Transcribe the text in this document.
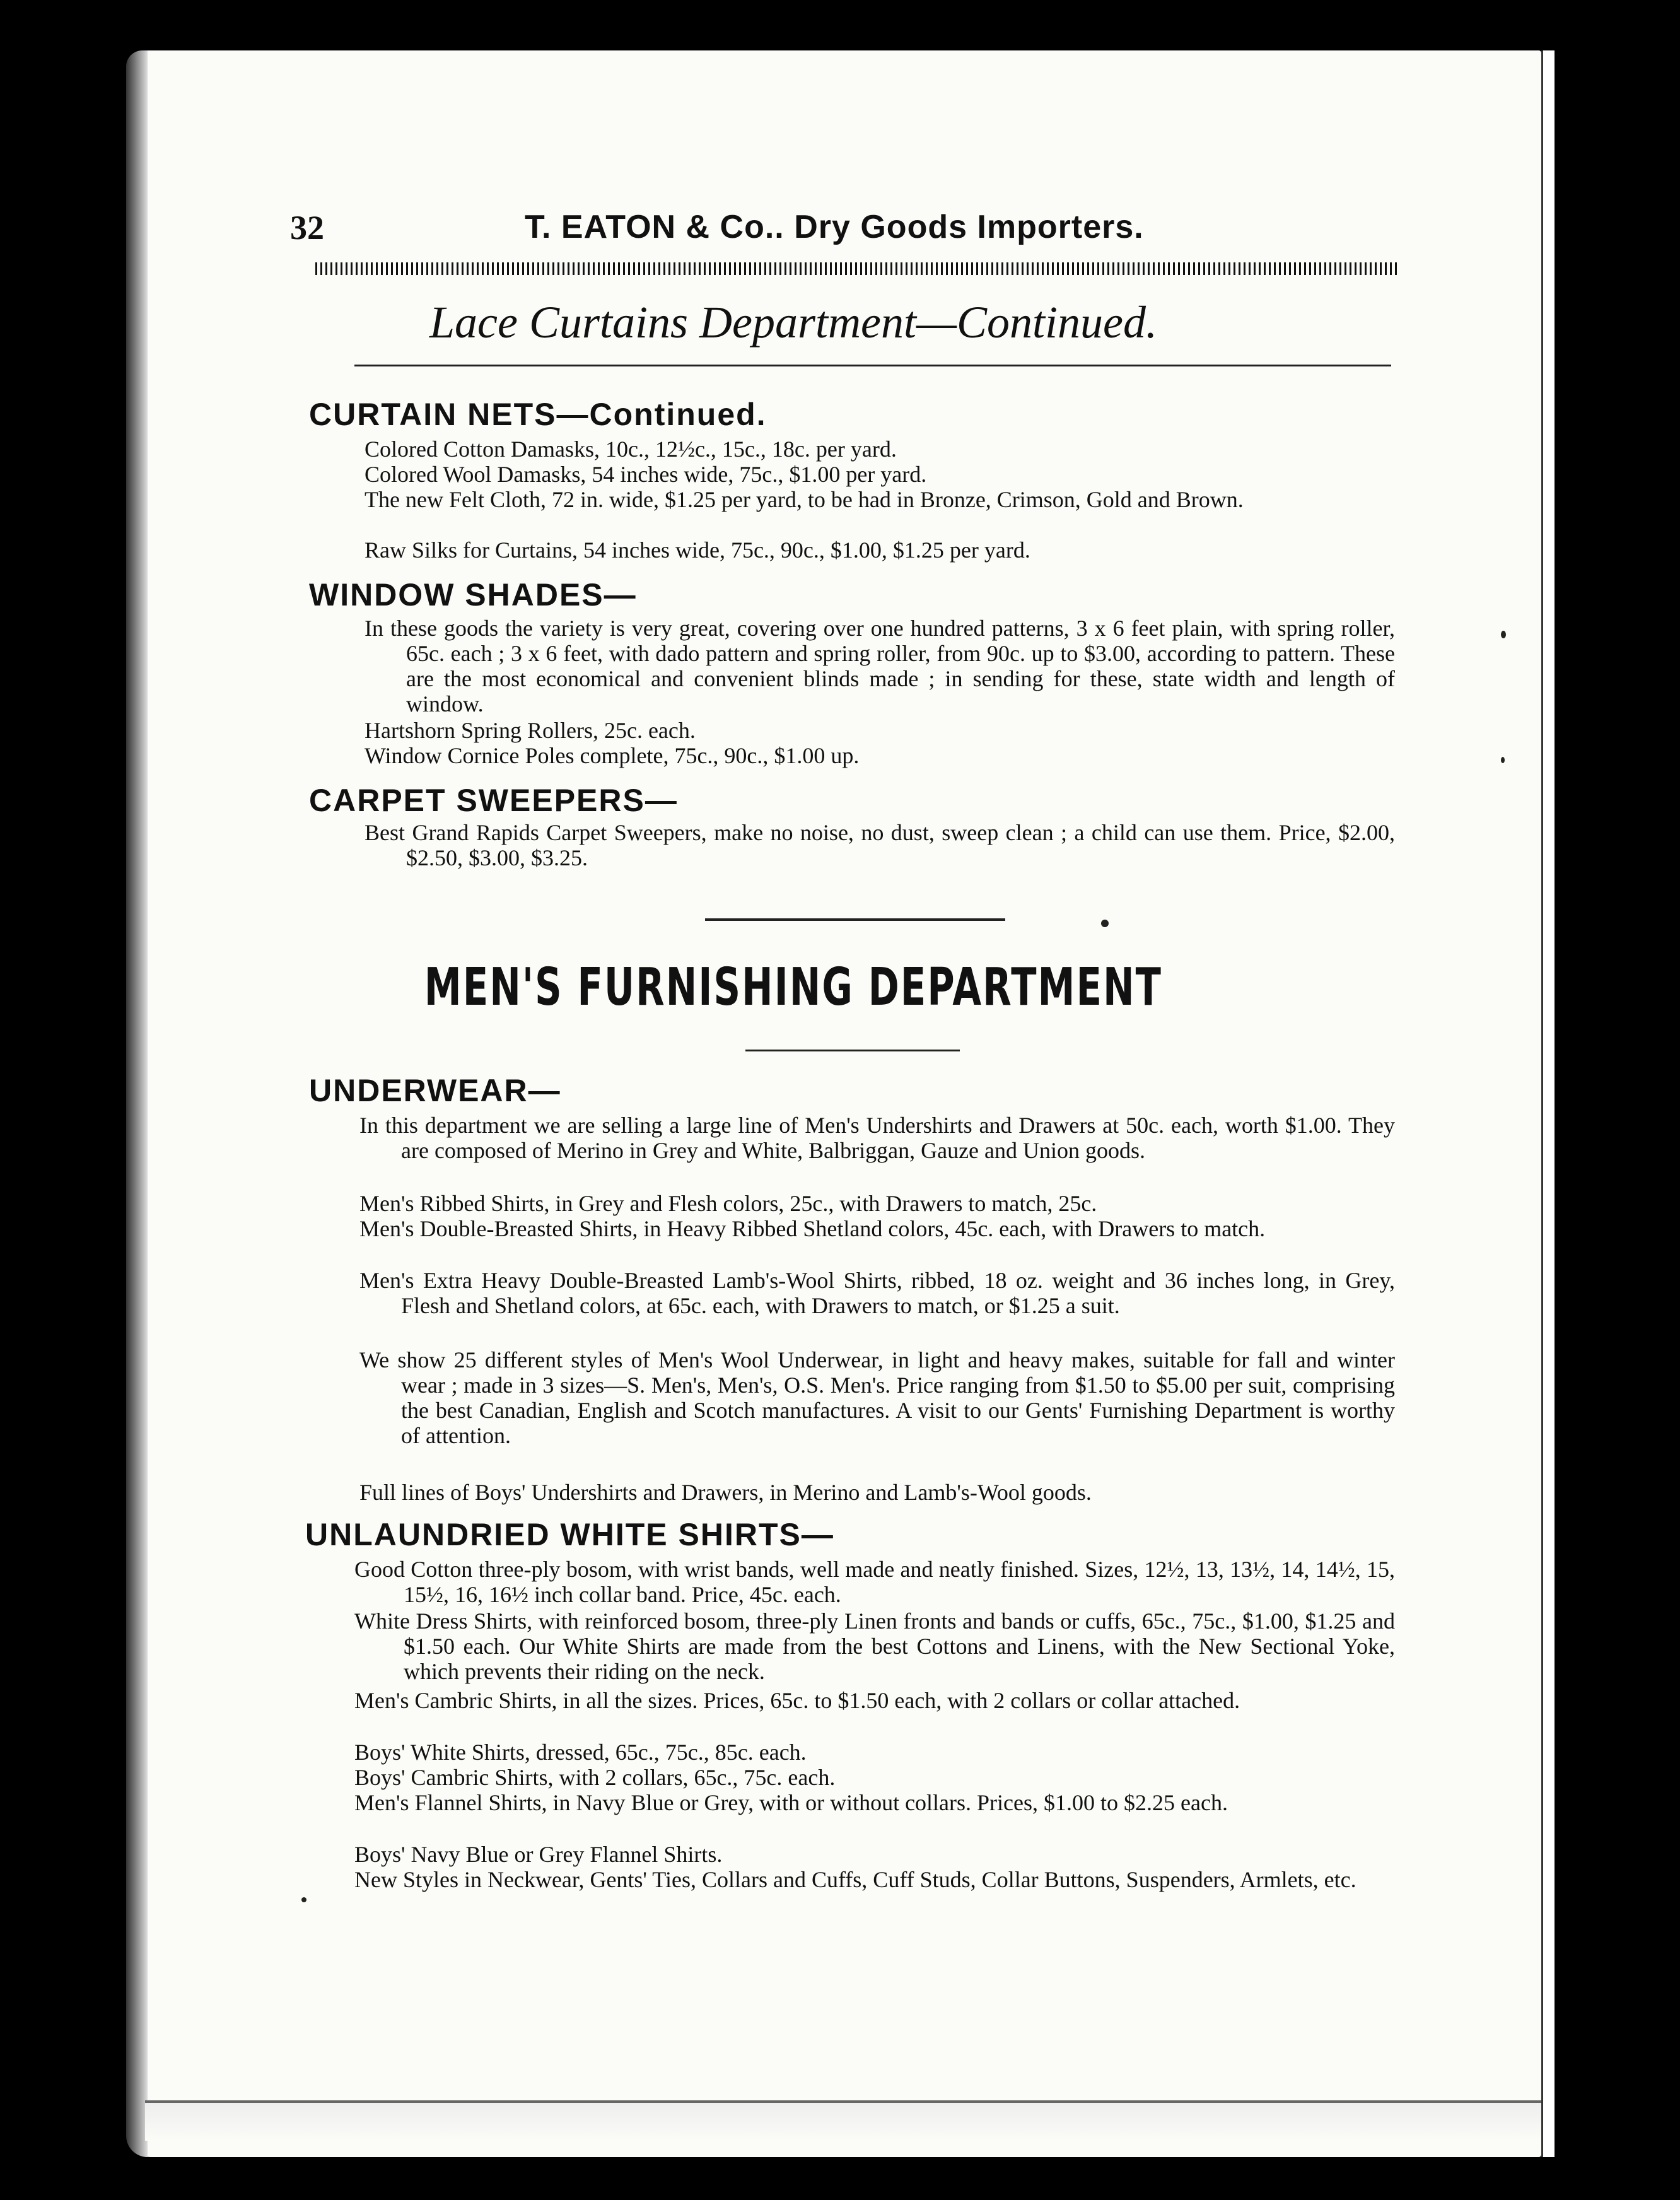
32	T. EATON & Co.. Dry Goods Importers.
Lace Curtains Department—Continued.
CURTAIN NETS—Continued.
Colored Cotton Damasks, 10c., 12½c., 15c., 18c. per yard.
Colored Wool Damasks, 54 inches wide, 75c., $1.00 per yard.
The new Felt Cloth, 72 in. wide, $1.25 per yard, to be had in Bronze, Crimson, Gold and Brown.
Raw Silks for Curtains, 54 inches wide, 75c., 90c., $1.00, $1.25 per yard.
WINDOW SHADES—
In these goods the variety is very great, covering over one hundred patterns, 3 x 6 feet plain, with spring roller, 65c. each ; 3 x 6 feet, with dado pattern and spring roller, from 90c. up to $3.00, according to pattern. These are the most economical and convenient blinds made ; in sending for these, state width and length of window.
Hartshorn Spring Rollers, 25c. each.
Window Cornice Poles complete, 75c., 90c., $1.00 up.
CARPET SWEEPERS—
Best Grand Rapids Carpet Sweepers, make no noise, no dust, sweep clean ; a child can use them. Price, $2.00, $2.50, $3.00, $3.25.
MEN'S FURNISHING DEPARTMENT
UNDERWEAR—
In this department we are selling a large line of Men's Undershirts and Drawers at 50c. each, worth $1.00. They are composed of Merino in Grey and White, Balbriggan, Gauze and Union goods.
Men's Ribbed Shirts, in Grey and Flesh colors, 25c., with Drawers to match, 25c.
Men's Double-Breasted Shirts, in Heavy Ribbed Shetland colors, 45c. each, with Drawers to match.
Men's Extra Heavy Double-Breasted Lamb's-Wool Shirts, ribbed, 18 oz. weight and 36 inches long, in Grey, Flesh and Shetland colors, at 65c. each, with Drawers to match, or $1.25 a suit.
We show 25 different styles of Men's Wool Underwear, in light and heavy makes, suitable for fall and winter wear ; made in 3 sizes—S. Men's, Men's, O.S. Men's. Price ranging from $1.50 to $5.00 per suit, comprising the best Canadian, English and Scotch manufactures. A visit to our Gents' Furnishing Department is worthy of attention.
Full lines of Boys' Undershirts and Drawers, in Merino and Lamb's-Wool goods.
UNLAUNDRIED WHITE SHIRTS—
Good Cotton three-ply bosom, with wrist bands, well made and neatly finished. Sizes, 12½, 13, 13½, 14, 14½, 15, 15½, 16, 16½ inch collar band. Price, 45c. each.
White Dress Shirts, with reinforced bosom, three-ply Linen fronts and bands or cuffs, 65c., 75c., $1.00, $1.25 and $1.50 each. Our White Shirts are made from the best Cottons and Linens, with the New Sectional Yoke, which prevents their riding on the neck.
Men's Cambric Shirts, in all the sizes. Prices, 65c. to $1.50 each, with 2 collars or collar attached.
Boys' White Shirts, dressed, 65c., 75c., 85c. each.
Boys' Cambric Shirts, with 2 collars, 65c., 75c. each.
Men's Flannel Shirts, in Navy Blue or Grey, with or without collars. Prices, $1.00 to $2.25 each.
Boys' Navy Blue or Grey Flannel Shirts.
New Styles in Neckwear, Gents' Ties, Collars and Cuffs, Cuff Studs, Collar Buttons, Suspenders, Armlets, etc.
